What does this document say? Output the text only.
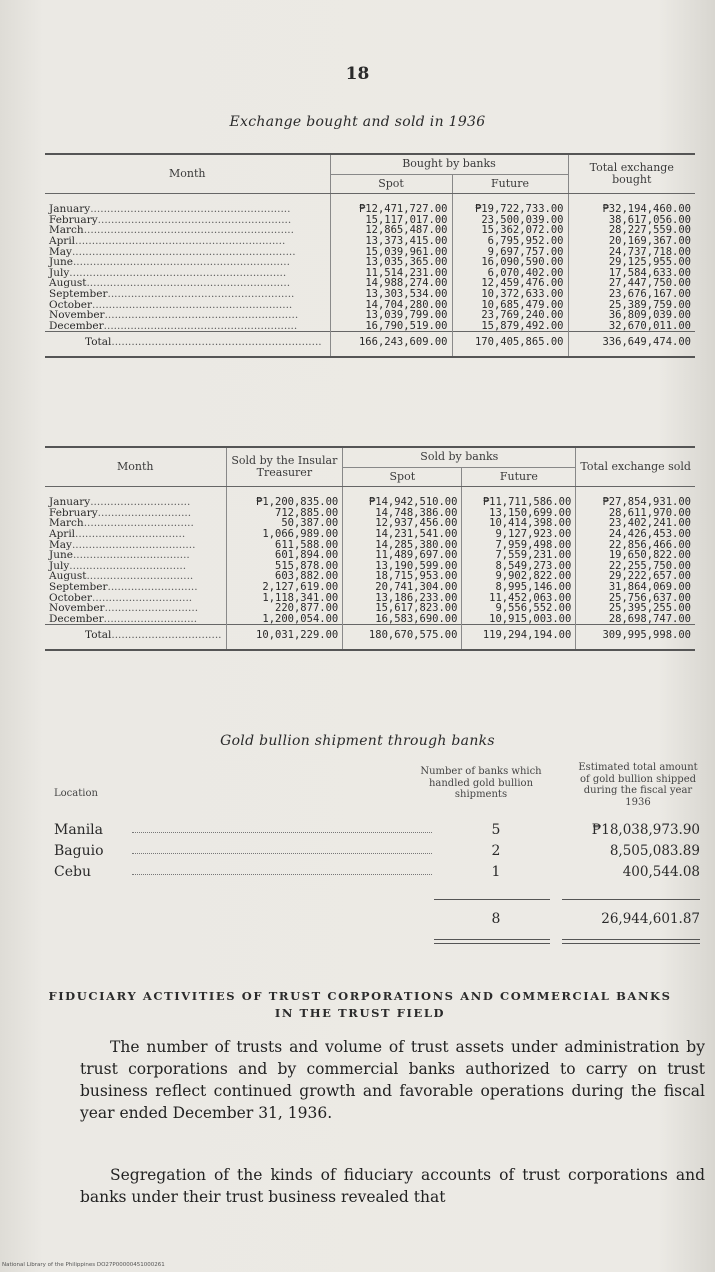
18
Exchange bought and sold in 1936
Month	Bought by banks		Total exchange bought
	Spot	Future	

January ............................................................	₱12,471,727.00	₱19,722,733.00	₱32,194,460.00

February ..........................................................	15,117,017.00	23,500,039.00	38,617,056.00

March ...............................................................	12,865,487.00	15,362,072.00	28,227,559.00

April ...............................................................	13,373,415.00	6,795,952.00	20,169,367.00

May ...................................................................	15,039,961.00	9,697,757.00	24,737,718.00

June .................................................................	13,035,365.00	16,090,590.00	29,125,955.00

July .................................................................	11,514,231.00	6,070,402.00	17,584,633.00

August .............................................................	14,988,274.00	12,459,476.00	27,447,750.00

September ........................................................	13,303,534.00	10,372,633.00	23,676,167.00

October ............................................................	14,704,280.00	10,685,479.00	25,389,759.00

November ..........................................................	13,039,799.00	23,769,240.00	36,809,039.00

December ..........................................................	16,790,519.00	15,879,492.00	32,670,011.00

Total ...............................................................	166,243,609.00	170,405,865.00	336,649,474.00

Month	Sold by the Insular Treasurer	Sold by banks		Total exchange sold
		Spot	Future	

January ..............................	₱1,200,835.00	₱14,942,510.00	₱11,711,586.00	₱27,854,931.00

February ............................	712,885.00	14,748,386.00	13,150,699.00	28,611,970.00

March .................................	50,387.00	12,937,456.00	10,414,398.00	23,402,241.00

April .................................	1,066,989.00	14,231,541.00	9,127,923.00	24,426,453.00

May .....................................	611,588.00	14,285,380.00	7,959,498.00	22,856,466.00

June ...................................	601,894.00	11,489,697.00	7,559,231.00	19,650,822.00

July ...................................	515,878.00	13,190,599.00	8,549,273.00	22,255,750.00

August ................................	603,882.00	18,715,953.00	9,902,822.00	29,222,657.00

September ...........................	2,127,619.00	20,741,304.00	8,995,146.00	31,864,069.00

October ..............................	1,118,341.00	13,186,233.00	11,452,063.00	25,756,637.00

November ............................	220,877.00	15,617,823.00	9,556,552.00	25,395,255.00

December ............................	1,200,054.00	16,583,690.00	10,915,003.00	28,698,747.00

Total .................................	10,031,229.00	180,670,575.00	119,294,194.00	309,995,998.00

Gold bullion shipment through banks
Location
Number of banks which handled gold bullion shipments
Estimated total amount of gold bullion shipped during the fiscal year 1936
Manila	5	₱18,038,973.90
Baguio	2	8,505,083.89
Cebu	1	400,544.08
8	26,944,601.87
FIDUCIARY ACTIVITIES OF TRUST CORPORATIONS AND COMMERCIAL BANKS IN THE TRUST FIELD
The number of trusts and volume of trust assets under administration by trust corporations and by commercial banks authorized to carry on trust business reflect continued growth and favorable operations during the fiscal year ended December 31, 1936.
Segregation of the kinds of fiduciary accounts of trust corporations and banks under their trust business revealed that
National Library of the Philippines DO27P00000451000261
